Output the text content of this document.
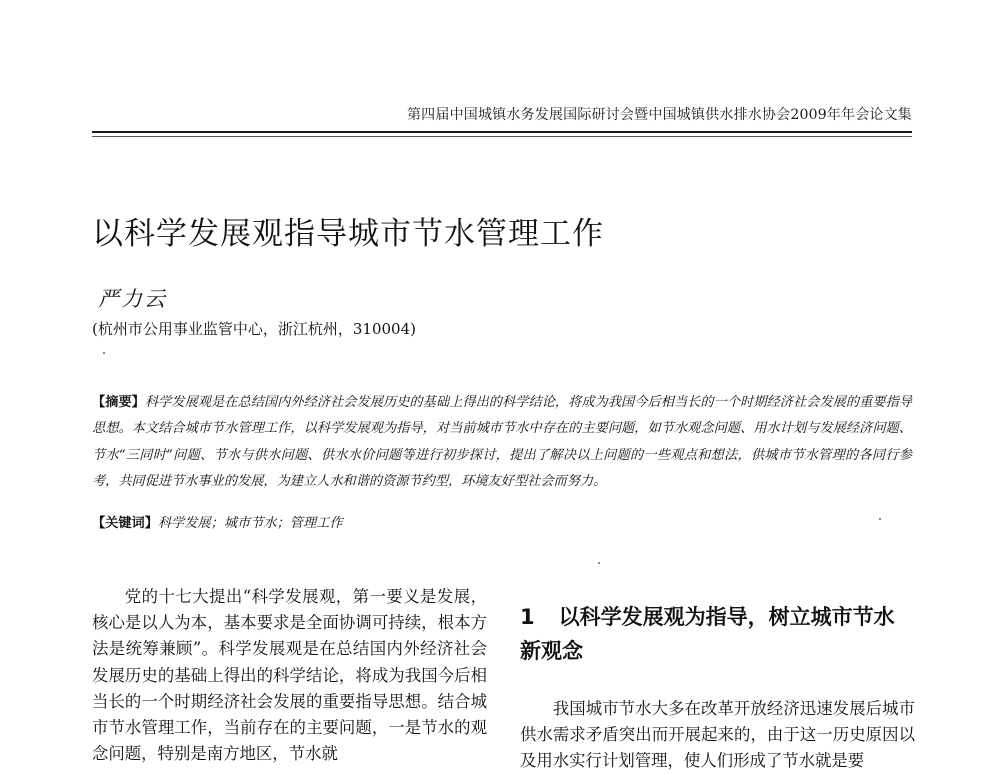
第四届中国城镇水务发展国际研讨会暨中国城镇供水排水协会2009年年会论文集
以科学发展观指导城市节水管理工作
严力云
(杭州市公用事业监管中心，浙江杭州，310004)
【摘要】科学发展观是在总结国内外经济社会发展历史的基础上得出的科学结论，将成为我国今后相当长的一个时期经济社会发展的重要指导思想。本文结合城市节水管理工作，以科学发展观为指导，对当前城市节水中存在的主要问题，如节水观念问题、用水计划与发展经济问题、节水“三同时”问题、节水与供水问题、供水水价问题等进行初步探讨，提出了解决以上问题的一些观点和想法，供城市节水管理的各同行参考，共同促进节水事业的发展，为建立人水和谐的资源节约型，环境友好型社会而努力。
【关键词】科学发展；城市节水；管理工作

党的十七大提出“科学发展观，第一要义是发展，核心是以人为本，基本要求是全面协调可持续，根本方法是统筹兼顾”。科学发展观是在总结国内外经济社会发展历史的基础上得出的科学结论，将成为我国今后相当长的一个时期经济社会发展的重要指导思想。结合城市节水管理工作，当前存在的主要问题，一是节水的观念问题，特别是南方地区，节水就

1 以科学发展观为指导，树立城市节水新观念

我国城市节水大多在改革开放经济迅速发展后城市供水需求矛盾突出而开展起来的，由于这一历史原因以及用水实行计划管理，使人们形成了节水就是要
